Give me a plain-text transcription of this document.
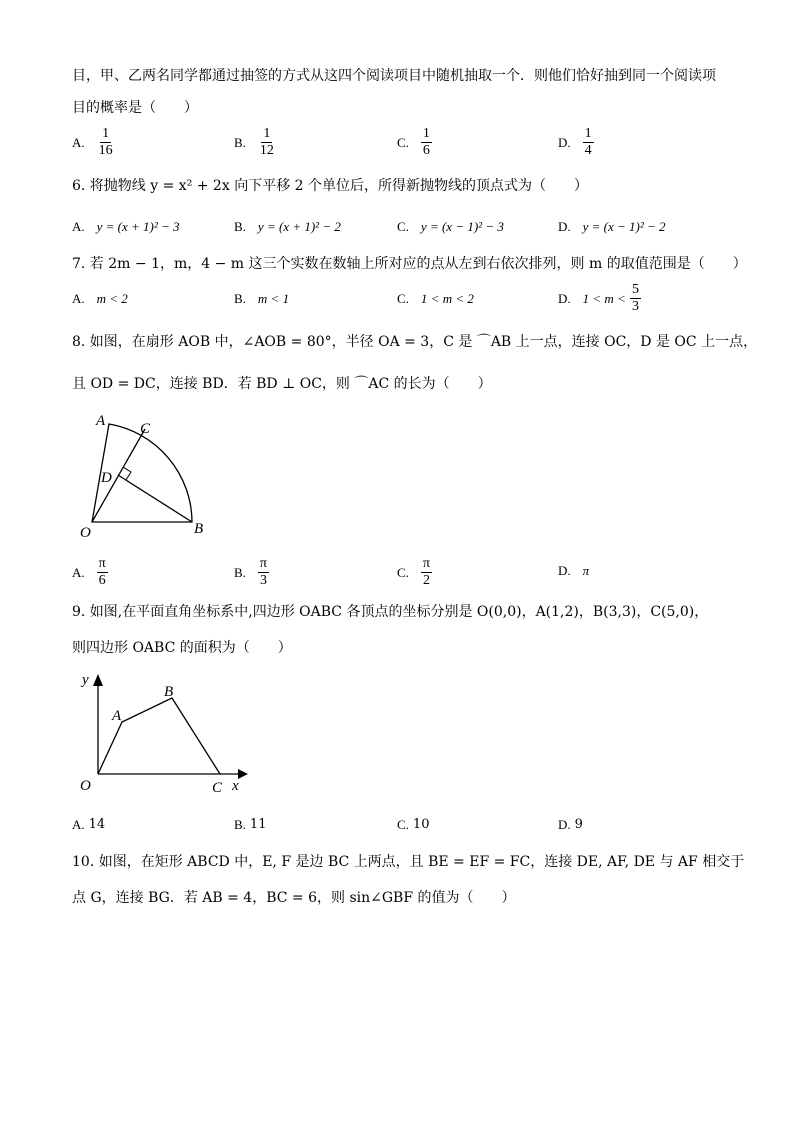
目，甲、乙两名同学都通过抽签的方式从这四个阅读项目中随机抽取一个．则他们恰好抽到同一个阅读项
目的概率是（　　）
A. $\frac{1}{16}$	B. $\frac{1}{12}$	C. $\frac{1}{6}$	D. $\frac{1}{4}$
6. 将抛物线 y = x² + 2x 向下平移 2 个单位后，所得新抛物线的顶点式为（　　）
A. y = (x + 1)² − 3	B. y = (x + 1)² − 2	C. y = (x − 1)² − 3	D. y = (x − 1)² − 2
7. 若 2m − 1，m，4 − m 这三个实数在数轴上所对应的点从左到右依次排列，则 m 的取值范围是（　　）
A. m < 2	B. m < 1	C. 1 < m < 2	D. 1 < m <
$\frac{5}{3}$
8. 如图，在扇形 AOB 中，∠AOB = 80°，半径 OA = 3，C 是 ⌒AB 上一点，连接 OC，D 是 OC 上一点，
且 OD = DC，连接 BD．若 BD ⊥ OC，则 ⌒AC 的长为（　　）
A C
D
O	B
A. $\frac{\pi}{6}$	B. $\frac{\pi}{3}$	C. $\frac{\pi}{2}$	D. π
9. 如图,在平面直角坐标系中,四边形 OABC 各顶点的坐标分别是 O(0,0)，A(1,2)，B(3,3)，C(5,0)，
则四边形 OABC 的面积为（　　）
y
x
A
B
O	C
A. 14	B. 11	C. 10	D. 9
10. 如图，在矩形 ABCD 中，E, F 是边 BC 上两点，且 BE = EF = FC，连接 DE, AF, DE 与 AF 相交于
点 G，连接 BG．若 AB = 4，BC = 6，则 sin∠GBF 的值为（　　）
